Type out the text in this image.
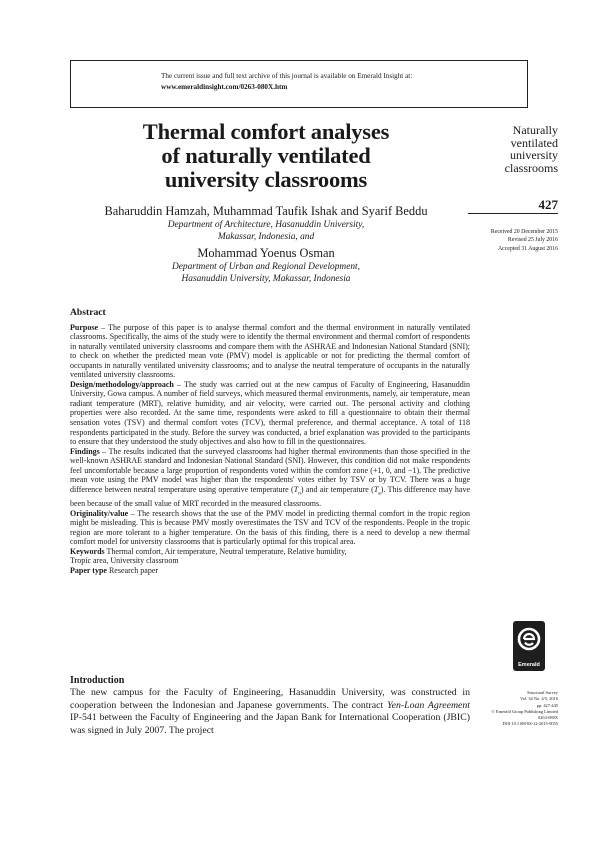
The current issue and full text archive of this journal is available on Emerald Insight at:
www.emeraldinsight.com/0263-080X.htm
Thermal comfort analyses
of naturally ventilated
university classrooms
Baharuddin Hamzah, Muhammad Taufik Ishak and Syarif Beddu
Department of Architecture, Hasanuddin University,
Makassar, Indonesia, and
Mohammad Yoenus Osman
Department of Urban and Regional Development,
Hasanuddin University, Makassar, Indonesia
Naturally
ventilated
university
classrooms
427
Received 20 December 2015
Revised 25 July 2016
Accepted 31 August 2016
Abstract

Purpose – The purpose of this paper is to analyse thermal comfort and the thermal environment in naturally ventilated classrooms. Specifically, the aims of the study were to identify the thermal environment and thermal comfort of respondents in naturally ventilated university classrooms and compare them with the ASHRAE and Indonesian National Standard (SNI); to check on whether the predicted mean vote (PMV) model is applicable or not for predicting the thermal comfort of occupants in naturally ventilated university classrooms; and to analyse the neutral temperature of occupants in the naturally ventilated university classrooms.

Design/methodology/approach – The study was carried out at the new campus of Faculty of Engineering, Hasanuddin University, Gowa campus. A number of field surveys, which measured thermal environments, namely, air temperature, mean radiant temperature (MRT), relative humidity, and air velocity, were carried out. The personal activity and clothing properties were also recorded. At the same time, respondents were asked to fill a questionnaire to obtain their thermal sensation votes (TSV) and thermal comfort votes (TCV), thermal preference, and thermal acceptance. A total of 118 respondents participated in the study. Before the survey was conducted, a brief explanation was provided to the participants to ensure that they understood the study objectives and also how to fill in the questionnaires.

Findings – The results indicated that the surveyed classrooms had higher thermal environments than those specified in the well-known ASHRAE standard and Indonesian National Standard (SNI). However, this condition did not make respondents feel uncomfortable because a large proportion of respondents voted within the comfort zone (+1, 0, and −1). The predictive mean vote using the PMV model was higher than the respondents' votes either by TSV or by TCV. There was a huge difference between neutral temperature using operative temperature $(T_o)$ and air temperature $(T_a)$. This difference may have been because of the small value of MRT recorded in the measured classrooms.

Originality/value – The research shows that the use of the PMV model in predicting thermal comfort in the tropic region might be misleading. This is because PMV mostly overestimates the TSV and TCV of the respondents. People in the tropic region are more tolerant to a higher temperature. On the basis of this finding, there is a need to develop a new thermal comfort model for university classrooms that is particularly optimal for this tropical area.

Keywords Thermal comfort, Air temperature, Neutral temperature, Relative humidity,

Tropic area, University classroom

Paper type Research paper

Introduction

The new campus for the Faculty of Engineering, Hasanuddin University, was constructed in cooperation between the Indonesian and Japanese governments. The contract Yen-Loan Agreement IP-541 between the Faculty of Engineering and the Japan Bank for International Cooperation (JBIC) was signed in July 2007. The project

Emerald
Structural Survey
Vol. 34 No. 4/5, 2016
pp. 427-445
© Emerald Group Publishing Limited
0263-080X
DOI 10.1108/SS-12-2015-0055
